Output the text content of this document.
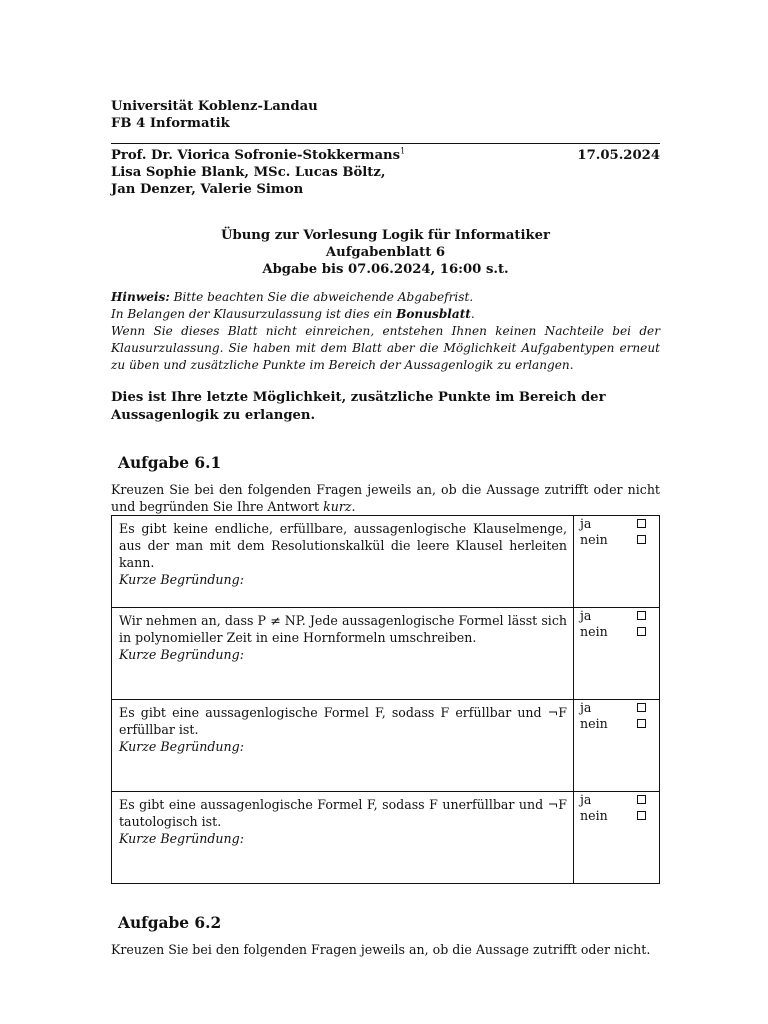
Universität Koblenz-Landau
FB 4 Informatik
Prof. Dr. Viorica Sofronie-Stokkermans$^1$	17.05.2024
Lisa Sophie Blank, MSc. Lucas Böltz,
Jan Denzer, Valerie Simon
Übung zur Vorlesung Logik für Informatiker
Aufgabenblatt 6
Abgabe bis 07.06.2024, 16:00 s.t.
Hinweis: Bitte beachten Sie die abweichende Abgabefrist.
In Belangen der Klausurzulassung ist dies ein Bonusblatt.
Wenn Sie dieses Blatt nicht einreichen, entstehen Ihnen keinen Nachteile bei der Klausurzulassung. Sie haben mit dem Blatt aber die Möglichkeit Aufgabentypen erneut zu üben und zusätzliche Punkte im Bereich der Aussagenlogik zu erlangen.
Dies ist Ihre letzte Möglichkeit, zusätzliche Punkte im Bereich der Aussagenlogik zu erlangen.
Aufgabe 6.1
Kreuzen Sie bei den folgenden Fragen jeweils an, ob die Aussage zutrifft oder nicht und begründen Sie Ihre Antwort kurz.
Es gibt keine endliche, erfüllbare, aussagenlogische Klauselmenge, aus der man mit dem Resolutionskalkül die leere Klausel herleiten kann.
Kurze Begründung:
ja
nein
Wir nehmen an, dass P ≠ NP. Jede aussagenlogische Formel lässt sich in polynomieller Zeit in eine Hornformeln umschreiben.
Kurze Begründung:
ja
nein
Es gibt eine aussagenlogische Formel F, sodass F erfüllbar und ¬F erfüllbar ist.
Kurze Begründung:
ja
nein
Es gibt eine aussagenlogische Formel F, sodass F unerfüllbar und ¬F tautologisch ist.
Kurze Begründung:
ja
nein
Aufgabe 6.2
Kreuzen Sie bei den folgenden Fragen jeweils an, ob die Aussage zutrifft oder nicht.
